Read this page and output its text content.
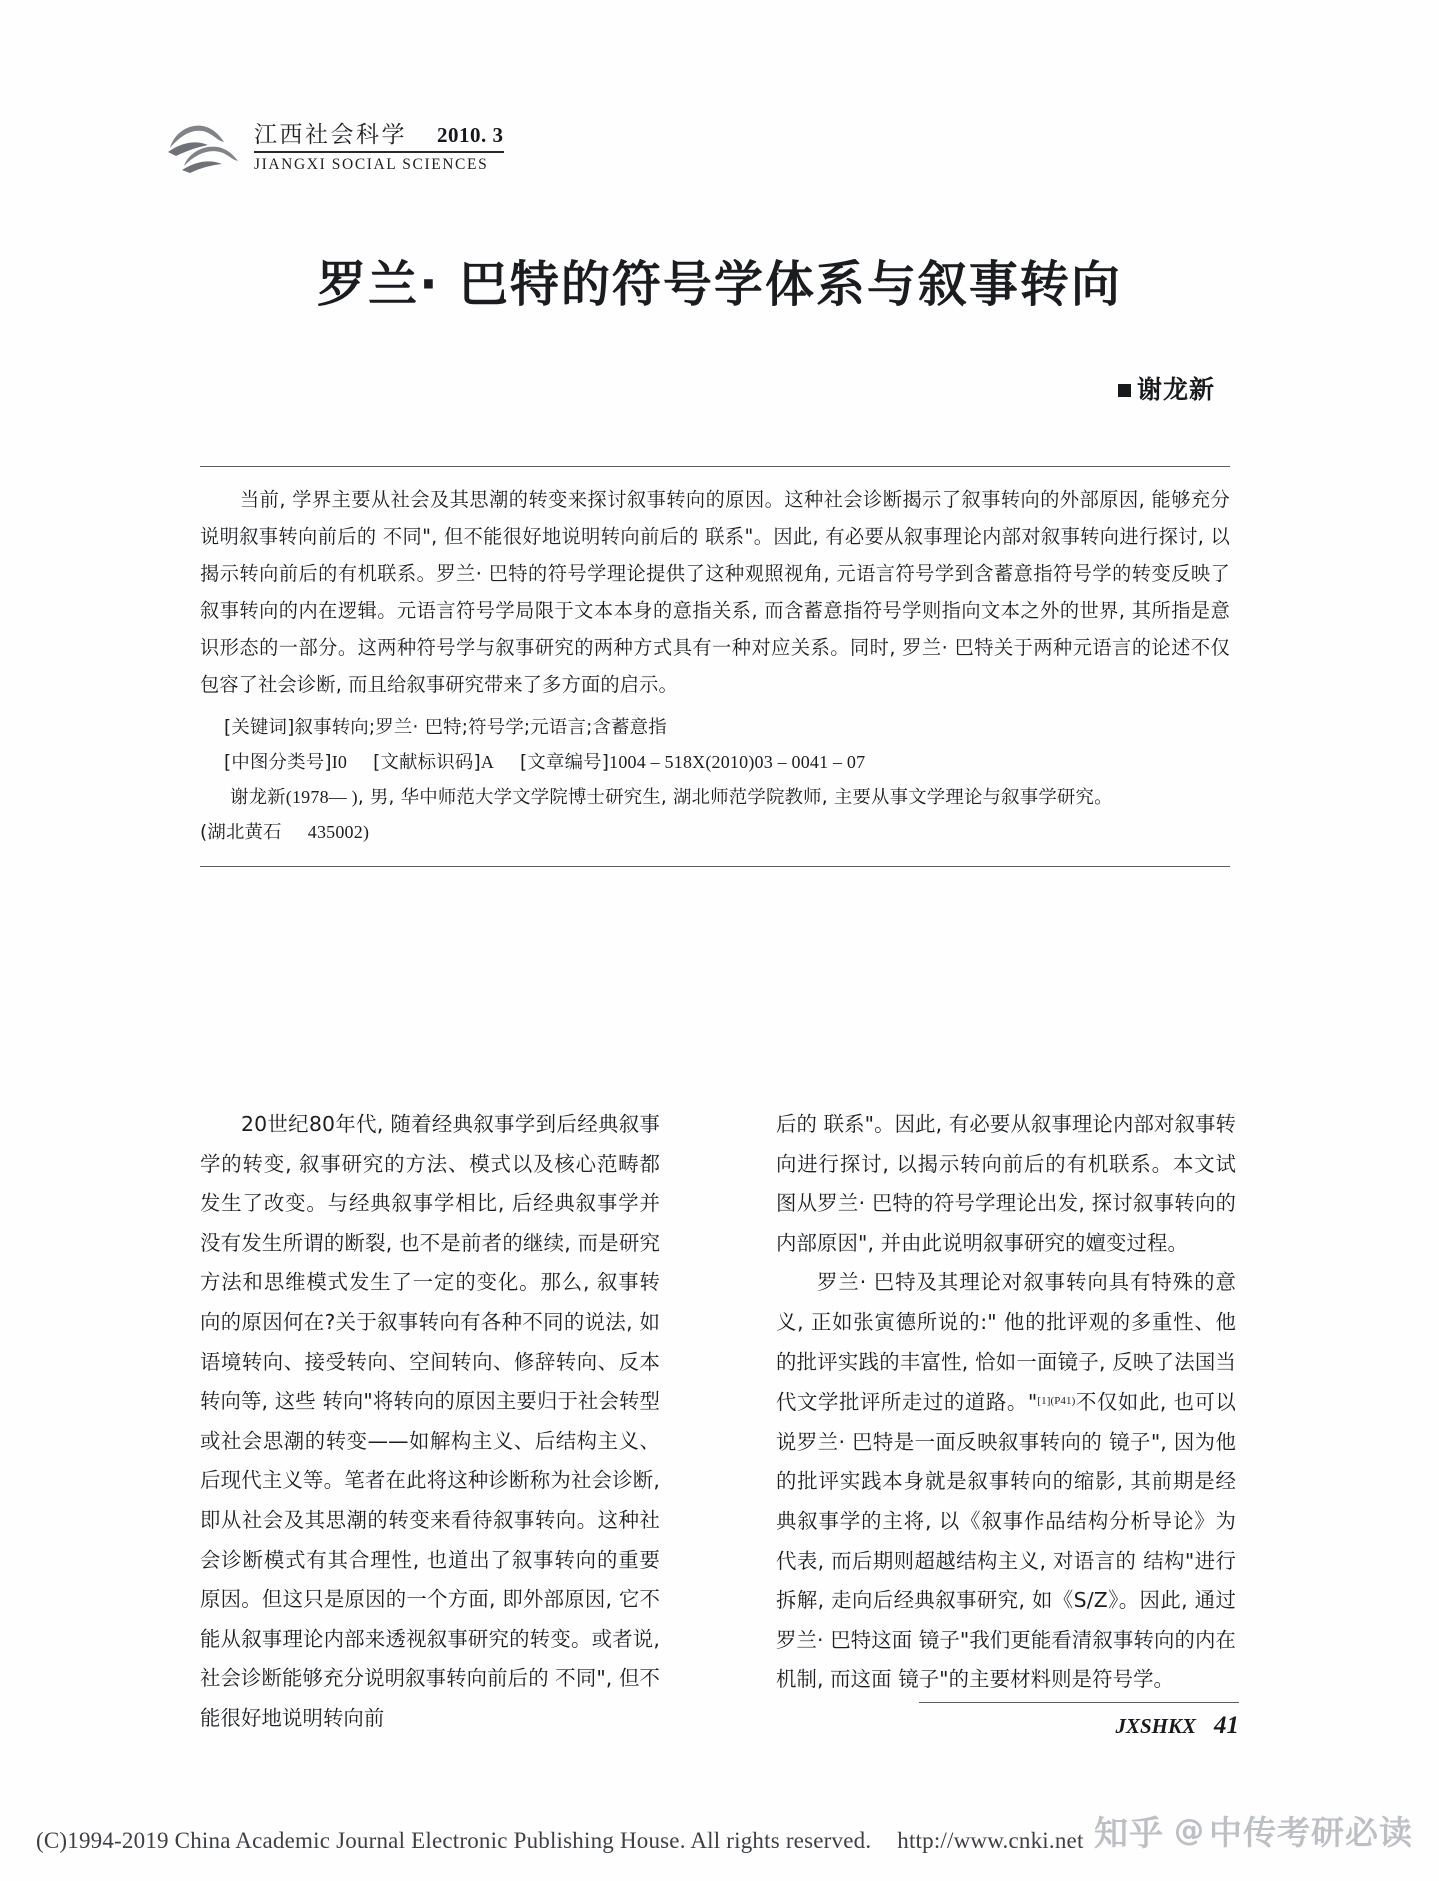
江西社会科学 2010. 3
JIANGXI SOCIAL SCIENCES
罗兰· 巴特的符号学体系与叙事转向
谢龙新
当前, 学界主要从社会及其思潮的转变来探讨叙事转向的原因。这种社会诊断揭示了叙事转向的外部原因, 能够充分说明叙事转向前后的 不同", 但不能很好地说明转向前后的 联系"。因此, 有必要从叙事理论内部对叙事转向进行探讨, 以揭示转向前后的有机联系。罗兰· 巴特的符号学理论提供了这种观照视角, 元语言符号学到含蓄意指符号学的转变反映了叙事转向的内在逻辑。元语言符号学局限于文本本身的意指关系, 而含蓄意指符号学则指向文本之外的世界, 其所指是意识形态的一部分。这两种符号学与叙事研究的两种方式具有一种对应关系。同时, 罗兰· 巴特关于两种元语言的论述不仅包容了社会诊断, 而且给叙事研究带来了多方面的启示。
[关键词]叙事转向;罗兰· 巴特;符号学;元语言;含蓄意指
[中图分类号]I0 [文献标识码]A [文章编号]1004 – 518X(2010)03 – 0041 – 07
谢龙新(1978— ), 男, 华中师范大学文学院博士研究生, 湖北师范学院教师, 主要从事文学理论与叙事学研究。
(湖北黄石 435002)

20世纪80年代, 随着经典叙事学到后经典叙事学的转变, 叙事研究的方法、模式以及核心范畴都发生了改变。与经典叙事学相比, 后经典叙事学并没有发生所谓的断裂, 也不是前者的继续, 而是研究方法和思维模式发生了一定的变化。那么, 叙事转向的原因何在?关于叙事转向有各种不同的说法, 如语境转向、接受转向、空间转向、修辞转向、反本转向等, 这些 转向"将转向的原因主要归于社会转型或社会思潮的转变——如解构主义、后结构主义、后现代主义等。笔者在此将这种诊断称为社会诊断, 即从社会及其思潮的转变来看待叙事转向。这种社会诊断模式有其合理性, 也道出了叙事转向的重要原因。但这只是原因的一个方面, 即外部原因, 它不能从叙事理论内部来透视叙事研究的转变。或者说, 社会诊断能够充分说明叙事转向前后的 不同", 但不能很好地说明转向前

后的 联系"。因此, 有必要从叙事理论内部对叙事转向进行探讨, 以揭示转向前后的有机联系。本文试图从罗兰· 巴特的符号学理论出发, 探讨叙事转向的 内部原因", 并由此说明叙事研究的嬗变过程。

罗兰· 巴特及其理论对叙事转向具有特殊的意义, 正如张寅德所说的:" 他的批评观的多重性、他的批评实践的丰富性, 恰如一面镜子, 反映了法国当代文学批评所走过的道路。"$^{[1](P41)}$不仅如此, 也可以说罗兰· 巴特是一面反映叙事转向的 镜子", 因为他的批评实践本身就是叙事转向的缩影, 其前期是经典叙事学的主将, 以《叙事作品结构分析导论》为代表, 而后期则超越结构主义, 对语言的 结构"进行拆解, 走向后经典叙事研究, 如《S/Z》。因此, 通过罗兰· 巴特这面 镜子"我们更能看清叙事转向的内在机制, 而这面 镜子"的主要材料则是符号学。

JXSHKX 41
(C)1994-2019 China Academic Journal Electronic Publishing House. All rights reserved. http://www.cnki.net 知乎 @ 中传考研必读
